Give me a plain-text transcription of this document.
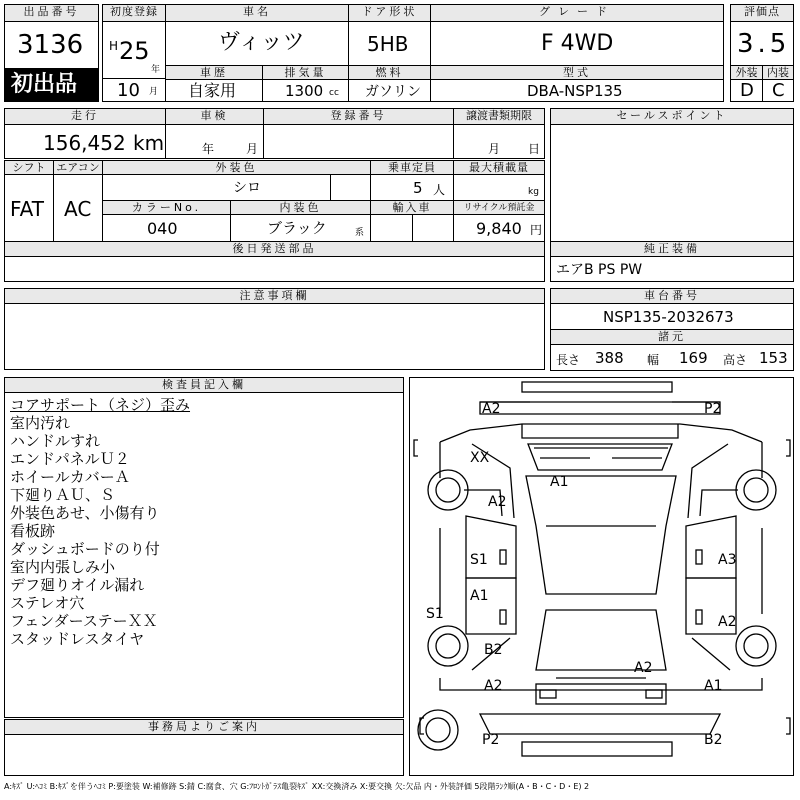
出品番号
3136
初出品
初度登録
H 25
年
10 月
車名
ヴィッツ
車歴
自家用
排気量
1300 cc
ドア形状
5HB
燃料
ガソリン
グレード
F 4WD
型式
DBA-NSP135
評価点
3.5
外装 内装
D C
走行
156,452 km
車検
年	月
登録番号	譲渡書類期限
月 日
シフト
FAT
エアコン
AC
外装色
シロ
乗車定員
5 人
最大積載量
kg
カラーNo.
040
内装色
ブラック	系
輸入車	リサイクル預託金
9,840 円
後日発送部品
注意事項欄
セールスポイント
純正装備
エアB PS PW
車台番号
NSP135-2032673
諸元
長さ 388 幅 169 高さ 153
検査員記入欄
コアサポート（ネジ）歪み
室内汚れ
ハンドルすれ
エンドパネルＵ２
ホイールカバーＡ
下廻りＡＵ、Ｓ
外装色あせ、小傷有り
看板跡
ダッシュボードのり付
室内内張しみ小
デフ廻りオイル漏れ
ステレオ穴
フェンダーステーＸＸ
スタッドレスタイヤ
事務局よりご案内
A2	P2
XX
A1
A2
S1	A3
A1
S1	A2
B2
A2
A2	A1
P2	B2
A:ｷｽﾞ U:ﾍｺﾐ B:ｷｽﾞを伴うﾍｺﾐ P:要塗装 W:補修跡 S:錆 C:腐食、穴 G:ﾌﾛﾝﾄｶﾞﾗｽ亀裂ｷｽﾞ XX:交換済み X:要交換 欠:欠品 内・外装評価 5段階ﾗﾝｸ順(A・B・C・D・E) 2
